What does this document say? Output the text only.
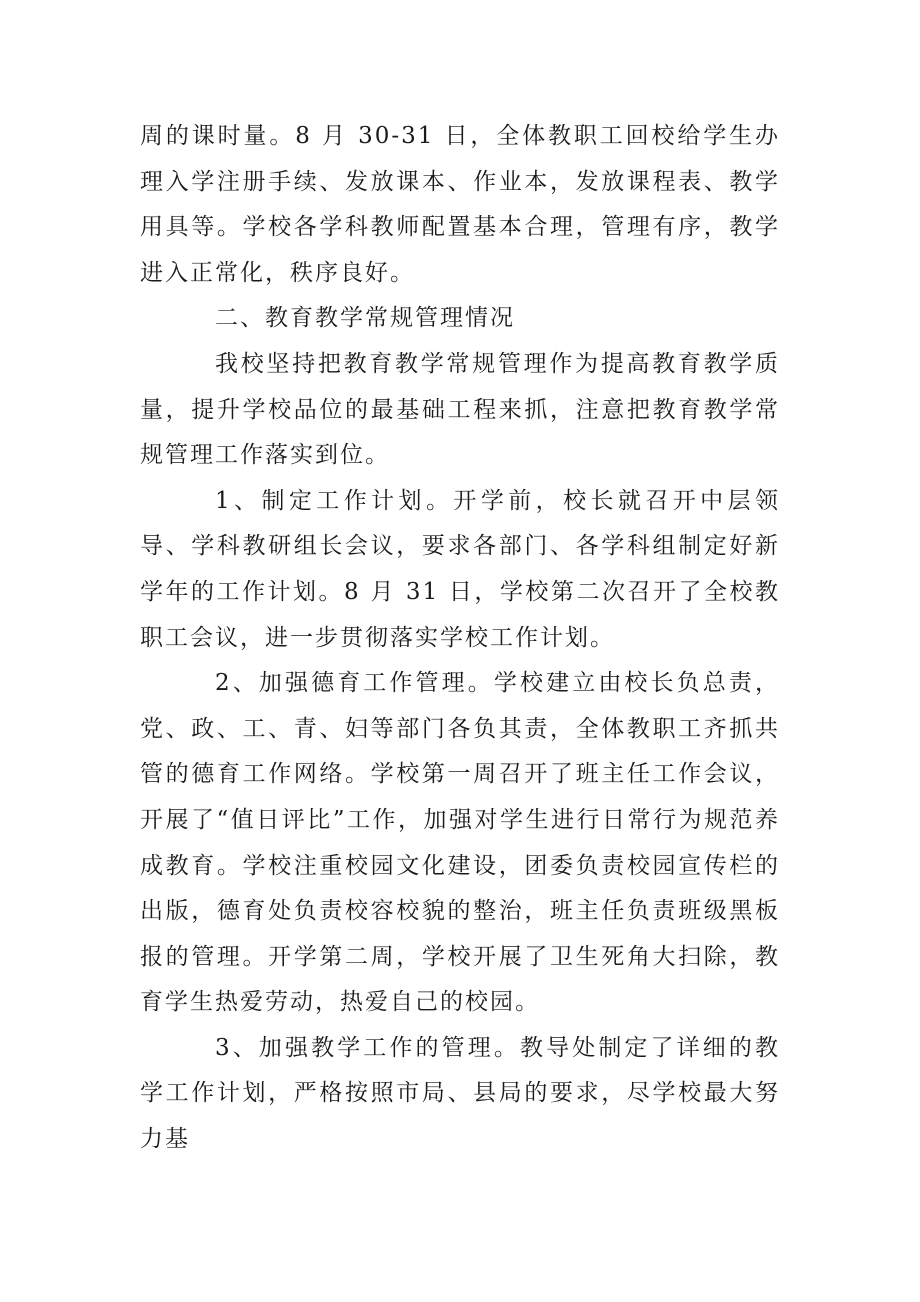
周的课时量。8 月 30-31 日，全体教职工回校给学生办理入学注册手续、发放课本、作业本，发放课程表、教学用具等。学校各学科教师配置基本合理，管理有序，教学进入正常化，秩序良好。

二、教育教学常规管理情况

我校坚持把教育教学常规管理作为提高教育教学质量，提升学校品位的最基础工程来抓，注意把教育教学常规管理工作落实到位。

1、制定工作计划。开学前，校长就召开中层领导、学科教研组长会议，要求各部门、各学科组制定好新学年的工作计划。8 月 31 日，学校第二次召开了全校教职工会议，进一步贯彻落实学校工作计划。

2、加强德育工作管理。学校建立由校长负总责，党、政、工、青、妇等部门各负其责，全体教职工齐抓共管的德育工作网络。学校第一周召开了班主任工作会议，开展了“值日评比”工作，加强对学生进行日常行为规范养成教育。学校注重校园文化建设，团委负责校园宣传栏的出版，德育处负责校容校貌的整治，班主任负责班级黑板报的管理。开学第二周，学校开展了卫生死角大扫除，教育学生热爱劳动，热爱自己的校园。

3、加强教学工作的管理。教导处制定了详细的教学工作计划，严格按照市局、县局的要求，尽学校最大努力基
